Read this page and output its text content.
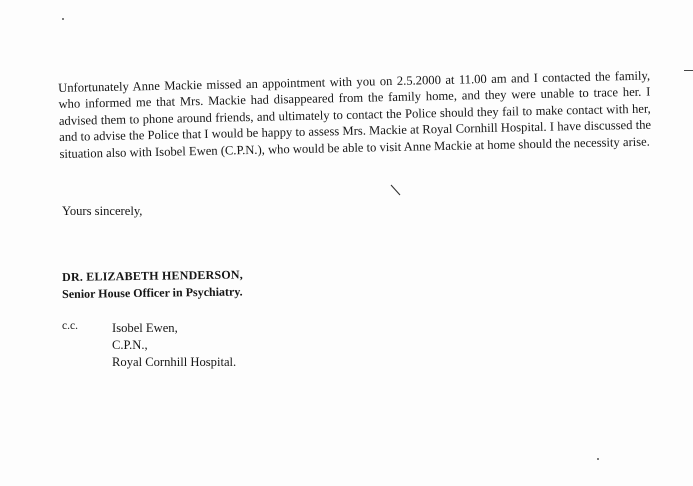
Unfortunately Anne Mackie missed an appointment with you on 2.5.2000 at 11.00 am and I contacted the family, who informed me that Mrs. Mackie had disappeared from the family home, and they were unable to trace her. I advised them to phone around friends, and ultimately to contact the Police should they fail to make contact with her, and to advise the Police that I would be happy to assess Mrs. Mackie at Royal Cornhill Hospital. I have discussed the situation also with Isobel Ewen (C.P.N.), who would be able to visit Anne Mackie at home should the necessity arise.

Yours sincerely,

DR. ELIZABETH HENDERSON,

Senior House Officer in Psychiatry.

c.c.	Isobel Ewen,
C.P.N.,
Royal Cornhill Hospital.
